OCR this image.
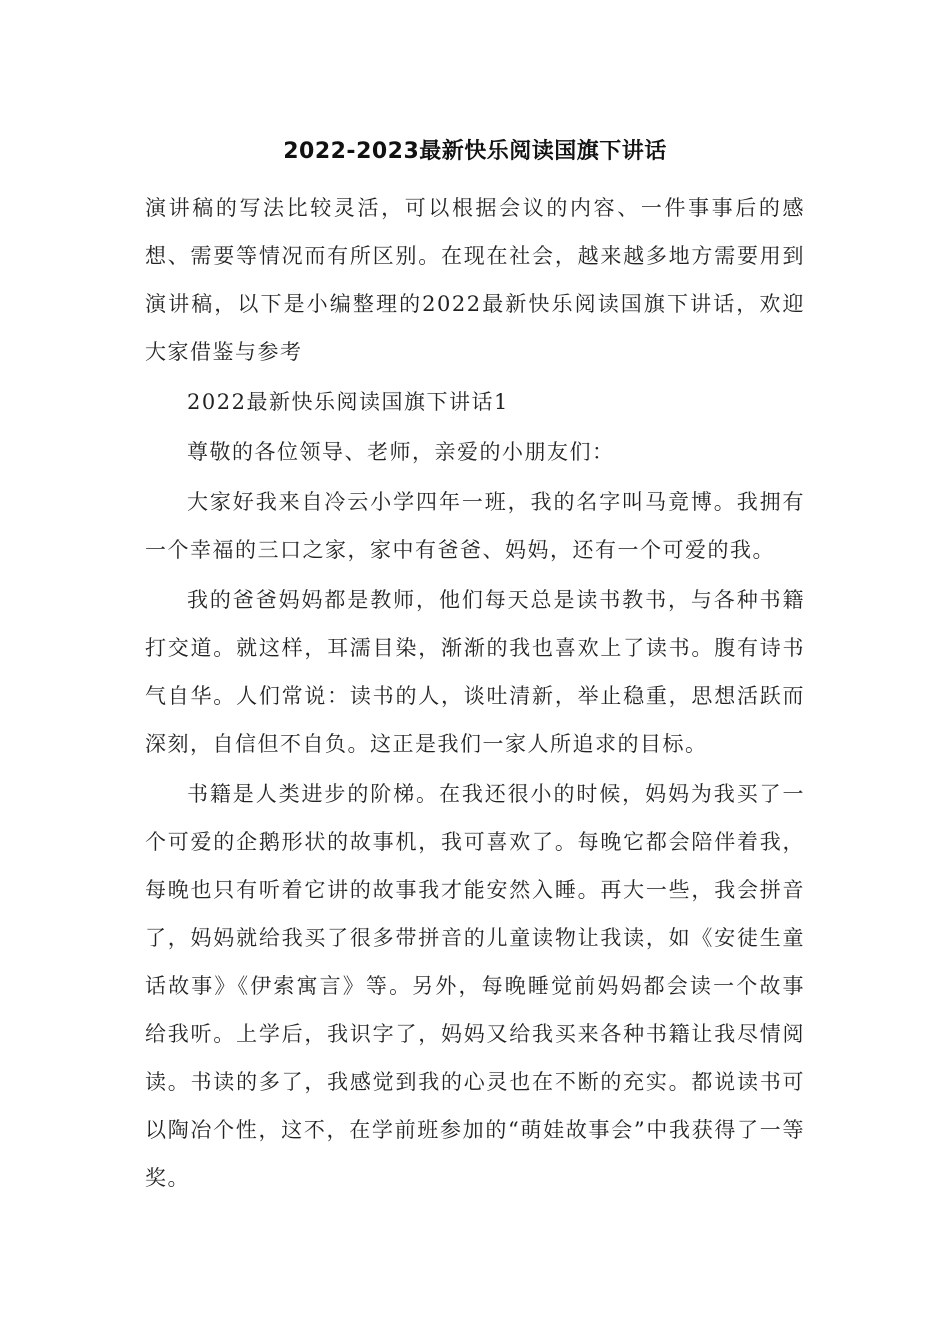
2022-2023最新快乐阅读国旗下讲话

演讲稿的写法比较灵活，可以根据会议的内容、一件事事后的感想、需要等情况而有所区别。在现在社会，越来越多地方需要用到演讲稿，以下是小编整理的2022最新快乐阅读国旗下讲话，欢迎大家借鉴与参考

2022最新快乐阅读国旗下讲话1

尊敬的各位领导、老师，亲爱的小朋友们：

大家好我来自冷云小学四年一班，我的名字叫马竟博。我拥有一个幸福的三口之家，家中有爸爸、妈妈，还有一个可爱的我。

我的爸爸妈妈都是教师，他们每天总是读书教书，与各种书籍打交道。就这样，耳濡目染，渐渐的我也喜欢上了读书。腹有诗书气自华。人们常说：读书的人，谈吐清新，举止稳重，思想活跃而深刻，自信但不自负。这正是我们一家人所追求的目标。

书籍是人类进步的阶梯。在我还很小的时候，妈妈为我买了一个可爱的企鹅形状的故事机，我可喜欢了。每晚它都会陪伴着我，每晚也只有听着它讲的故事我才能安然入睡。再大一些，我会拼音了，妈妈就给我买了很多带拼音的儿童读物让我读，如《安徒生童话故事》《伊索寓言》等。另外，每晚睡觉前妈妈都会读一个故事给我听。上学后，我识字了，妈妈又给我买来各种书籍让我尽情阅读。书读的多了，我感觉到我的心灵也在不断的充实。都说读书可以陶冶个性，这不，在学前班参加的“萌娃故事会”中我获得了一等奖。
